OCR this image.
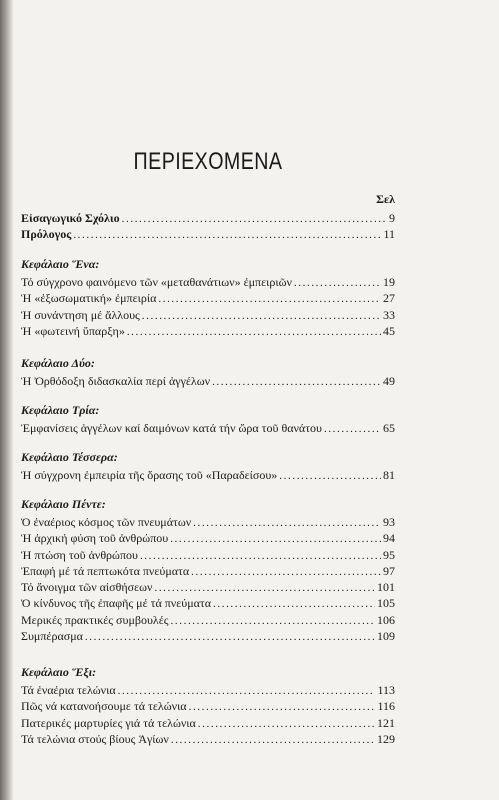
ΠΕΡΙΕΧΟΜΕΝΑ
Σελ
Εἰσαγωγικό Σχόλιο .....	9
Πρόλογος .....	11
Κεφάλαιο Ἕνα:
Τό σύγχρονο φαινόμενο τῶν «μεταθανάτιων» ἐμπειριῶν .....	19
Ἡ «ἐξωσωματική» ἐμπειρία .....	27
Ἡ συνάντηση μέ ἄλλους .....	33
Ἡ «φωτεινή ὕπαρξη» .....	45
Κεφάλαιο Δύο:
Ἡ Ὀρθόδοξη διδασκαλία περί ἀγγέλων .....	49
Κεφάλαιο Τρία:
Ἐμφανίσεις ἀγγέλων καί δαιμόνων κατά τήν ὥρα τοῦ θανάτου .....	65
Κεφάλαιο Τέσσερα:
Ἡ σύγχρονη ἐμπειρία τῆς ὅρασης τοῦ «Παραδείσου» .....	81
Κεφάλαιο Πέντε:
Ὁ ἐναέριος κόσμος τῶν πνευμάτων .....	93
Ἡ ἀρχική φύση τοῦ ἀνθρώπου .....	94
Ἡ πτώση τοῦ ἀνθρώπου .....	95
Ἐπαφή μέ τά πεπτωκότα πνεύματα .....	97
Τό ἄνοιγμα τῶν αἰσθήσεων .....	101
Ὁ κίνδυνος τῆς ἐπαφῆς μέ τά πνεύματα .....	105
Μερικές πρακτικές συμβουλές .....	106
Συμπέρασμα .....	109
Κεφάλαιο Ἕξι:
Τά ἐναέρια τελώνια .....	113
Πῶς νά κατανοήσουμε τά τελώνια .....	116
Πατερικές μαρτυρίες γιά τά τελώνια .....	121
Τά τελώνια στούς βίους Ἁγίων .....	129
